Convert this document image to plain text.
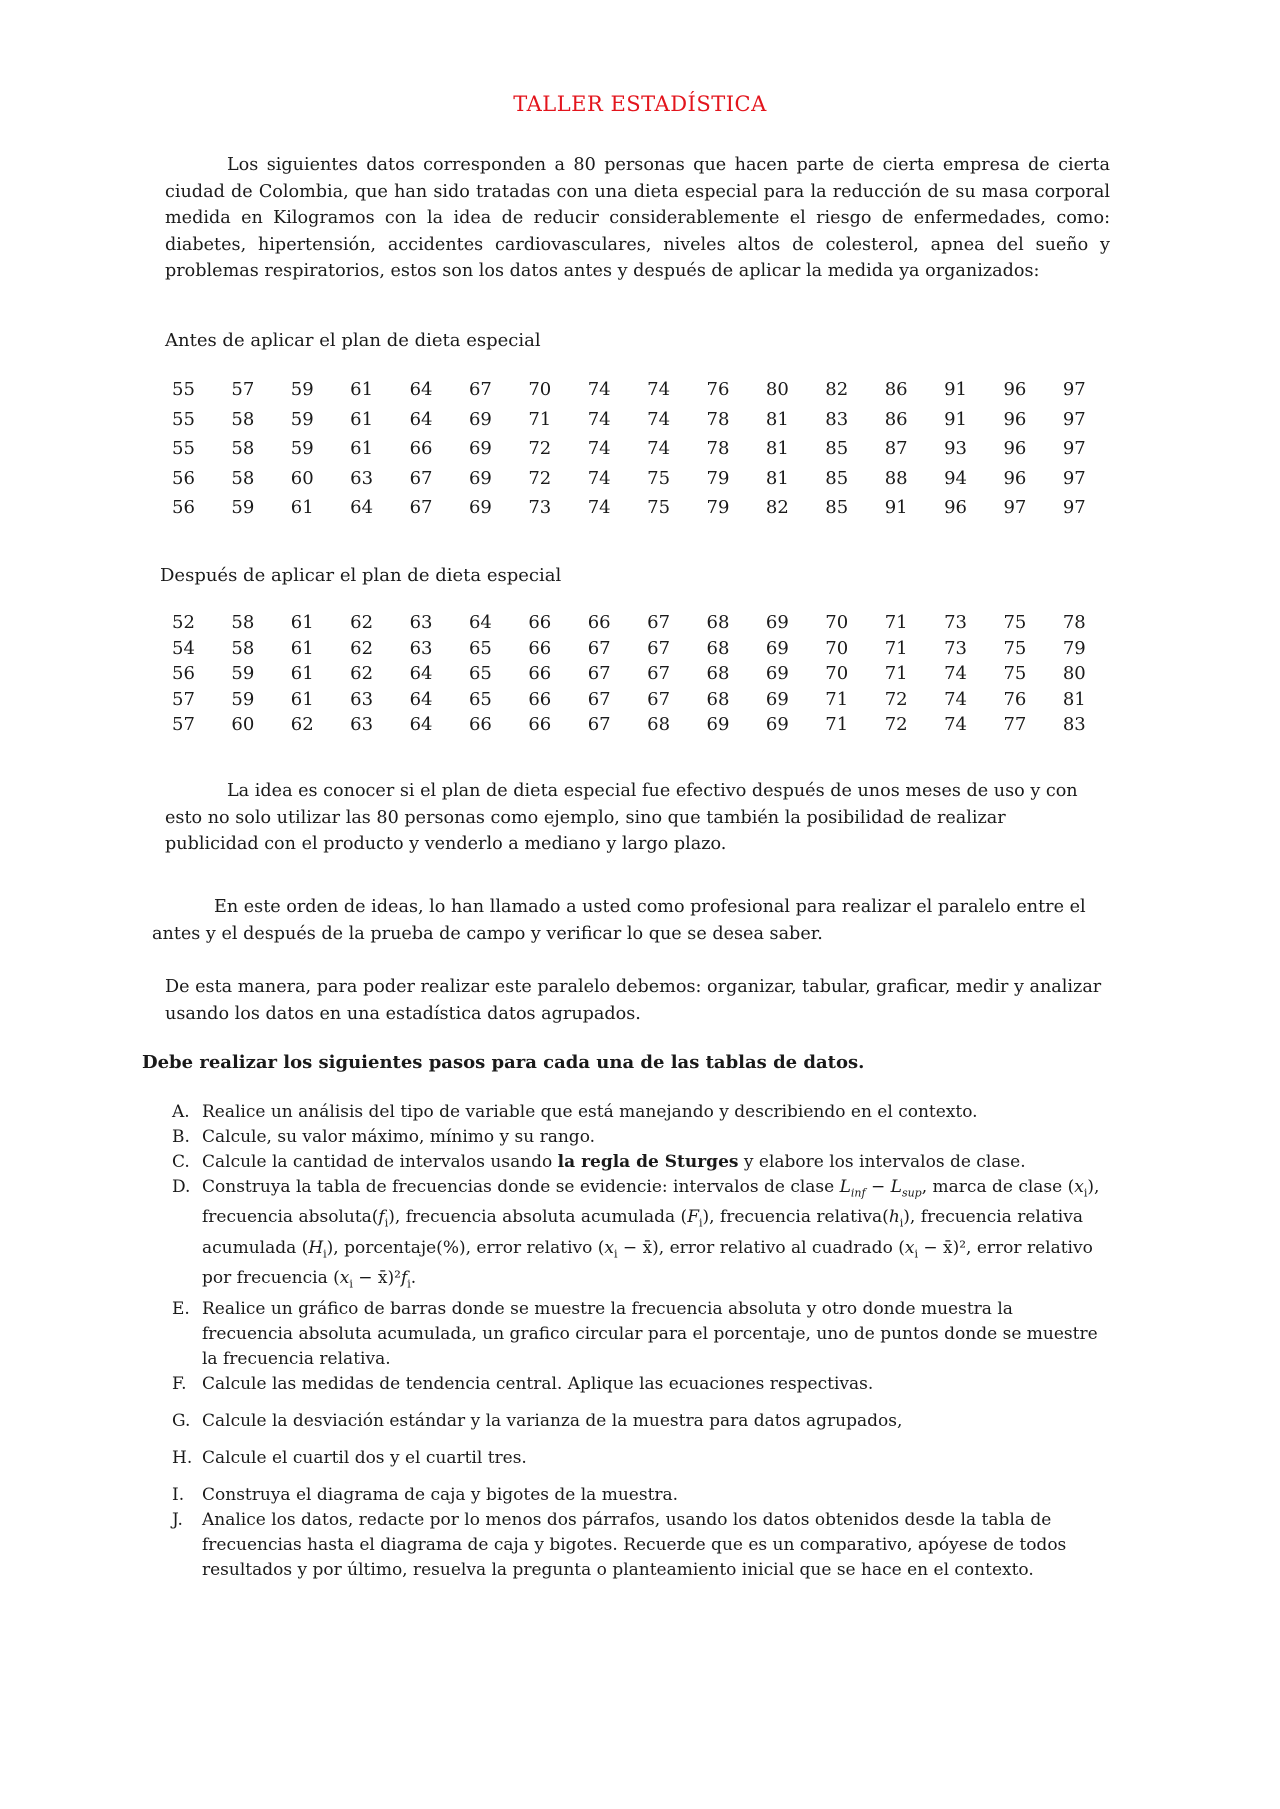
TALLER ESTADÍSTICA
Los siguientes datos corresponden a 80 personas que hacen parte de cierta empresa de cierta ciudad de Colombia, que han sido tratadas con una dieta especial para la reducción de su masa corporal medida en Kilogramos con la idea de reducir considerablemente el riesgo de enfermedades, como: diabetes, hipertensión, accidentes cardiovasculares, niveles altos de colesterol, apnea del sueño y problemas respiratorios, estos son los datos antes y después de aplicar la medida ya organizados:
Antes de aplicar el plan de dieta especial
55	57	59	61	64	67	70	74	74	76	80	82	86	91	96	97
55	58	59	61	64	69	71	74	74	78	81	83	86	91	96	97
55	58	59	61	66	69	72	74	74	78	81	85	87	93	96	97
56	58	60	63	67	69	72	74	75	79	81	85	88	94	96	97
56	59	61	64	67	69	73	74	75	79	82	85	91	96	97	97
Después de aplicar el plan de dieta especial
52	58	61	62	63	64	66	66	67	68	69	70	71	73	75	78
54	58	61	62	63	65	66	67	67	68	69	70	71	73	75	79
56	59	61	62	64	65	66	67	67	68	69	70	71	74	75	80
57	59	61	63	64	65	66	67	67	68	69	71	72	74	76	81
57	60	62	63	64	66	66	67	68	69	69	71	72	74	77	83
La idea es conocer si el plan de dieta especial fue efectivo después de unos meses de uso y con esto no solo utilizar las 80 personas como ejemplo, sino que también la posibilidad de realizar publicidad con el producto y venderlo a mediano y largo plazo.
En este orden de ideas, lo han llamado a usted como profesional para realizar el paralelo entre el antes y el después de la prueba de campo y verificar lo que se desea saber.
De esta manera, para poder realizar este paralelo debemos: organizar, tabular, graficar, medir y analizar usando los datos en una estadística datos agrupados.
Debe realizar los siguientes pasos para cada una de las tablas de datos.
A. Realice un análisis del tipo de variable que está manejando y describiendo en el contexto.
B. Calcule, su valor máximo, mínimo y su rango.
C. Calcule la cantidad de intervalos usando la regla de Sturges y elabore los intervalos de clase.
D. Construya la tabla de frecuencias donde se evidencie: intervalos de clase $L_{inf} - L_{sup}$, marca de clase $(x_i)$, frecuencia $absoluta(f_i)$, frecuencia absoluta acumulada $(F_i)$, frecuencia $relativa(h_i)$, frecuencia relativa acumulada $(H_i)$, porcentaje(%), error relativo ($x_i$ − x̄), error relativo al cuadrado ($x_i$ − x̄)², error relativo por frecuencia ($x_i$ − $x̄)^2f_i$.
E. Realice un gráfico de barras donde se muestre la frecuencia absoluta y otro donde muestra la frecuencia absoluta acumulada, un grafico circular para el porcentaje, uno de puntos donde se muestre la frecuencia relativa.
F. Calcule las medidas de tendencia central. Aplique las ecuaciones respectivas.
G. Calcule la desviación estándar y la varianza de la muestra para datos agrupados,
H. Calcule el cuartil dos y el cuartil tres.
I.	Construya el diagrama de caja y bigotes de la muestra.
J.	Analice los datos, redacte por lo menos dos párrafos, usando los datos obtenidos desde la tabla de frecuencias hasta el diagrama de caja y bigotes. Recuerde que es un comparativo, apóyese de todos resultados y por último, resuelva la pregunta o planteamiento inicial que se hace en el contexto.
